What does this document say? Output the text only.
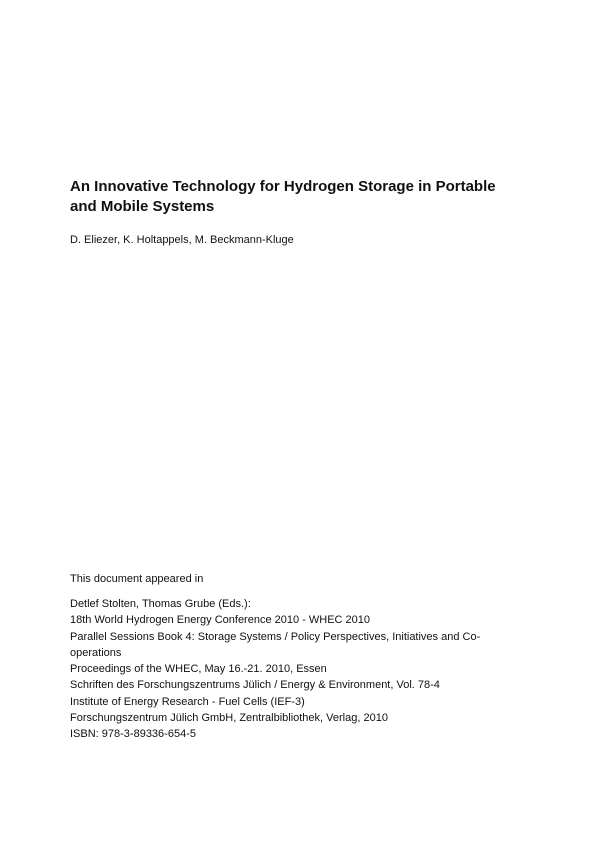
An Innovative Technology for Hydrogen Storage in Portable
and Mobile Systems

D. Eliezer, K. Holtappels, M. Beckmann-Kluge

This document appeared in

Detlef Stolten, Thomas Grube (Eds.):
18th World Hydrogen Energy Conference 2010 - WHEC 2010
Parallel Sessions Book 4: Storage Systems / Policy Perspectives, Initiatives and Co-
operations
Proceedings of the WHEC, May 16.-21. 2010, Essen
Schriften des Forschungszentrums Jülich / Energy & Environment, Vol. 78-4
Institute of Energy Research - Fuel Cells (IEF-3)
Forschungszentrum Jülich GmbH, Zentralbibliothek, Verlag, 2010
ISBN: 978-3-89336-654-5
